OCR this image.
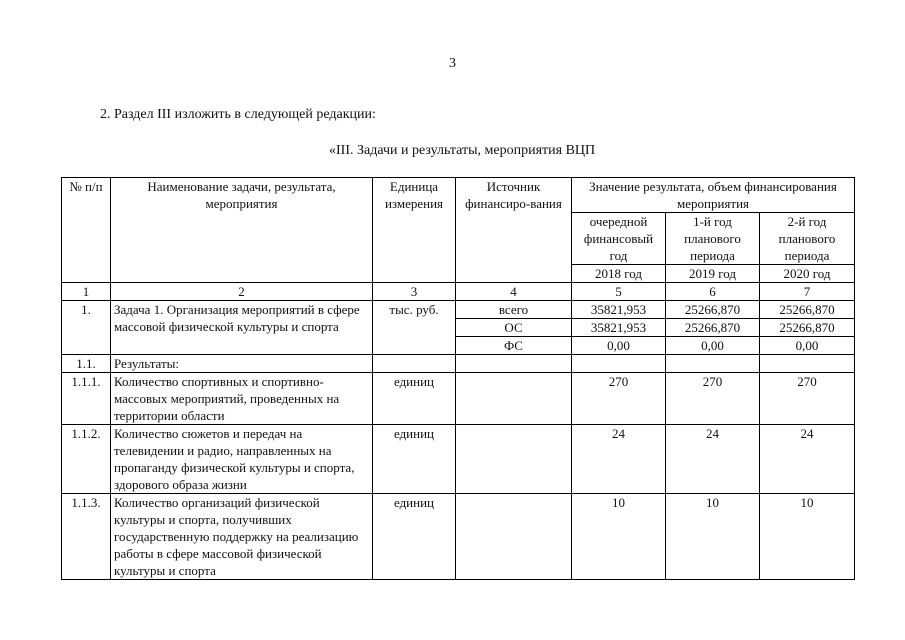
3
2. Раздел III изложить в следующей редакции:
«III. Задачи и результаты, мероприятия ВЦП
№ п/п	Наименование задачи, результата, мероприятия	Единица измерения	Источник финансиро-вания	Значение результата, объем финансирования мероприятия		
				очередной финансовый год	1-й год планового периода	2-й год планового периода
				2018 год	2019 год	2020 год
1	2	3	4	5	6	7
1.	Задача 1. Организация мероприятий в сфере массовой физической культуры и спорта	тыс. руб.	всего	35821,953	25266,870	25266,870
			ОС	35821,953	25266,870	25266,870
			ФС	0,00	0,00	0,00
1.1.	Результаты:					
1.1.1.	Количество спортивных и спортивно-массовых мероприятий, проведенных на территории области	единиц		270	270	270
1.1.2.	Количество сюжетов и передач на телевидении и радио, направленных на пропаганду физической культуры и спорта, здорового образа жизни	единиц		24	24	24
1.1.3.	Количество организаций физической культуры и спорта, получивших государственную поддержку на реализацию работы в сфере массовой физической культуры и спорта	единиц		10	10	10
